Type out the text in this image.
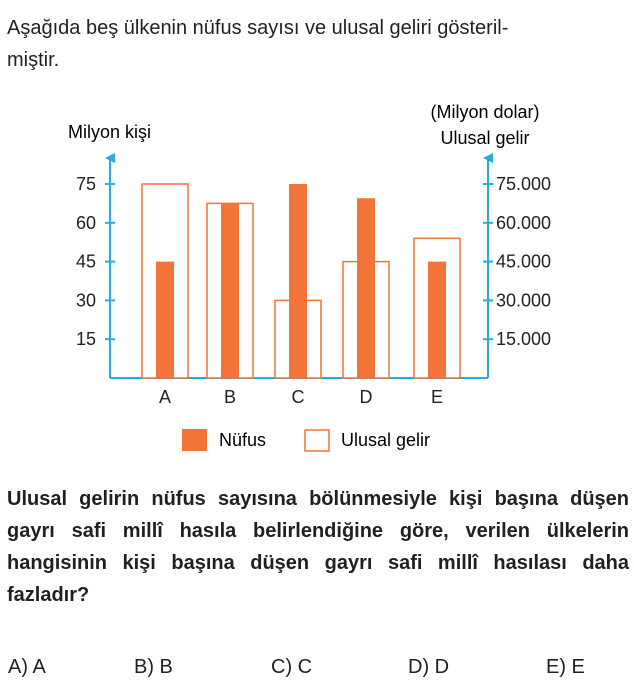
Aşağıda beş ülkenin nüfus sayısı ve ulusal geliri gösteril-
miştir.

Milyon kişi
(Milyon dolar)
Ulusal gelir
A	B	C	D	E
15
30
45
60
75
15.000
30.000
45.000
60.000
75.000
Nüfus	Ulusal gelir

Ulusal gelirin nüfus sayısına bölünmesiyle kişi başına düşen gayrı safi millî hasıla belirlendiğine göre, verilen ülkelerin hangisinin kişi başına düşen gayrı safi millî hasılası daha fazladır?

A) A	B) B	C) C	D) D	E) E
